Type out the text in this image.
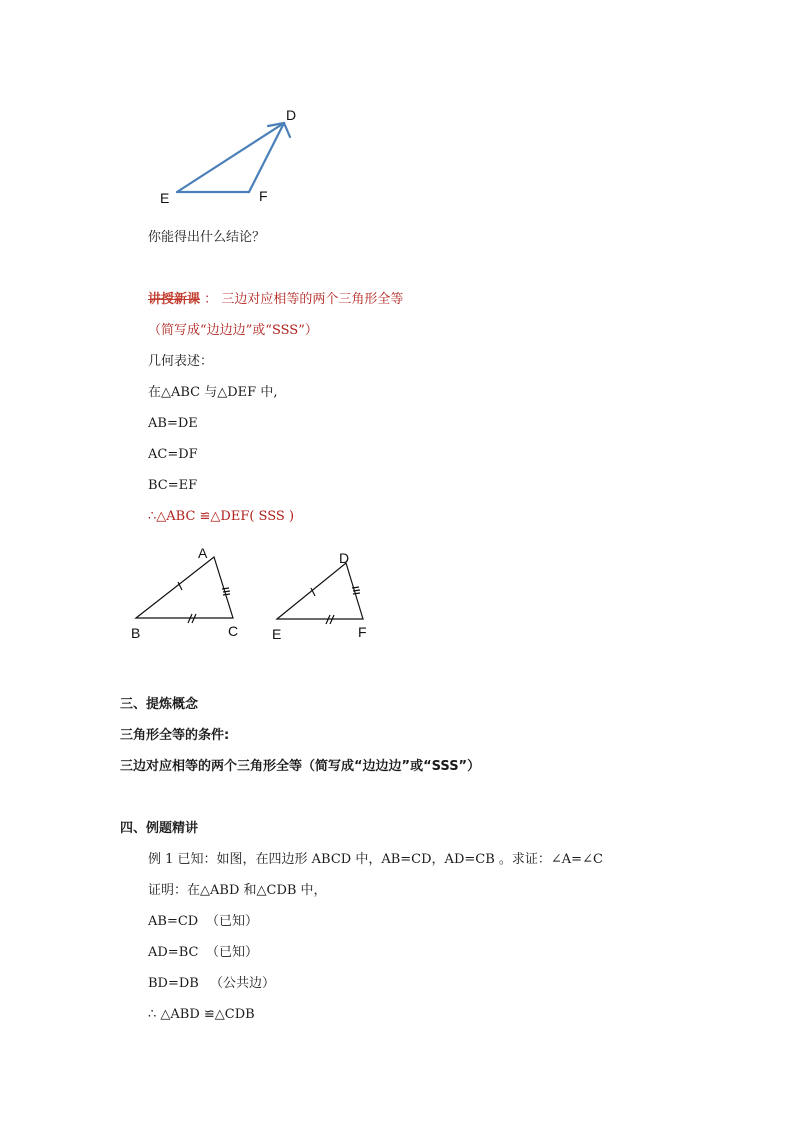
D
E	F
你能得出什么结论？
讲授新课 ： 三边对应相等的两个三角形全等
（简写成“边边边”或“SSS”）
几何表述：
在△ABC 与△DEF 中,
AB=DE
AC=DF
BC=EF
∴△ABC ≌△DEF( SSS )
A
B	C
D
E	F
三、提炼概念
三角形全等的条件:
三边对应相等的两个三角形全等（简写成“边边边”或“SSS”）
四、例题精讲
例 1 已知：如图，在四边形 ABCD 中，AB=CD，AD=CB 。求证：∠A=∠C
证明：在△ABD 和△CDB 中，
AB=CD （已知）
AD=BC （已知）
BD=DB （公共边）
∴ △ABD ≌△CDB
